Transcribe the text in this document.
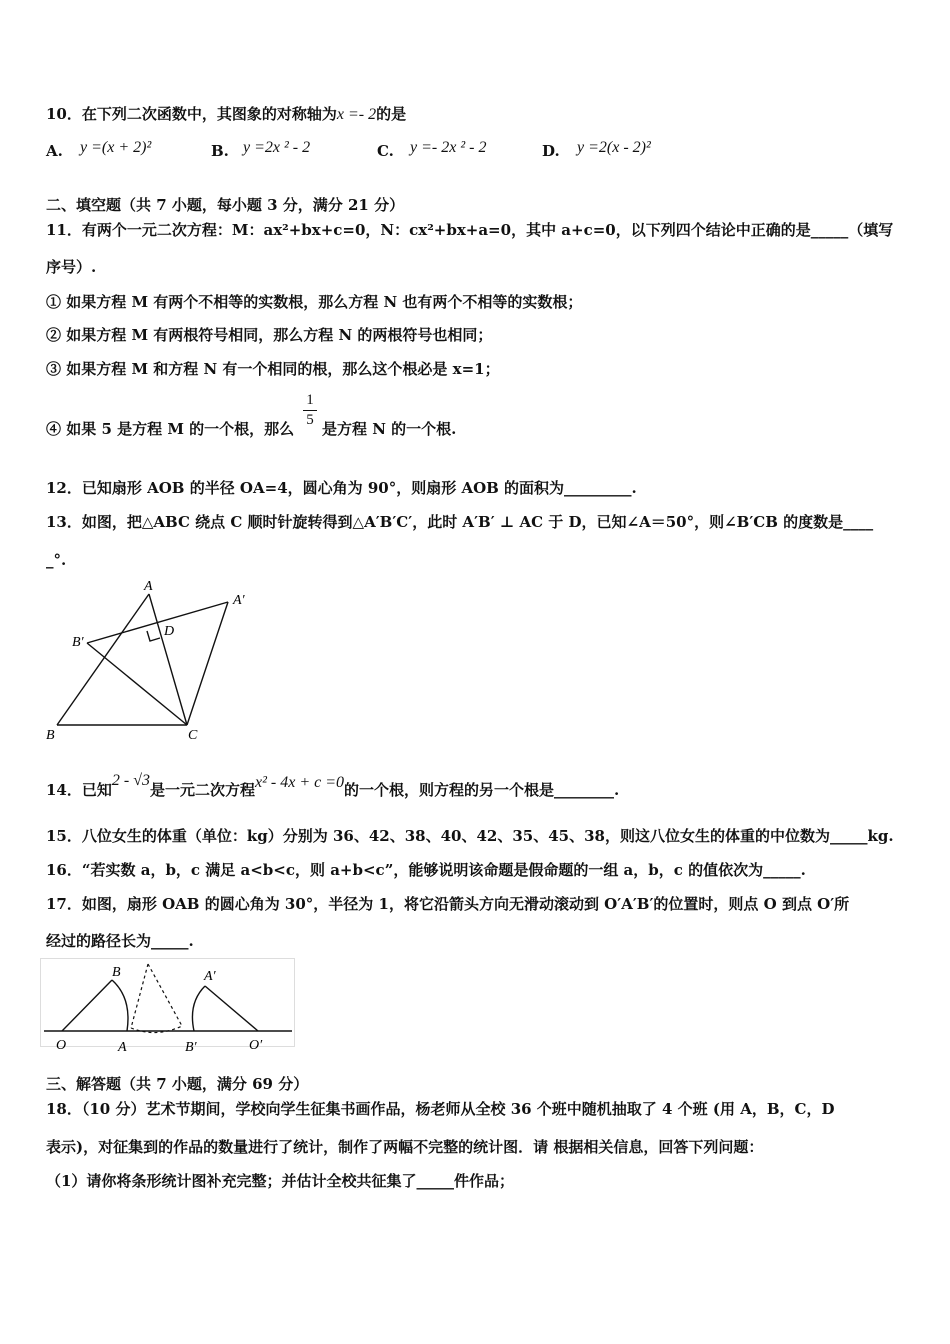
10．在下列二次函数中，其图象的对称轴为x =- 2的是
A. y =(x + 2)²	B. y =2x ² - 2	C. y =- 2x ² - 2	D. y =2(x - 2)²
二、填空题（共 7 小题，每小题 3 分，满分 21 分）
11．有两个一元二次方程：M：ax²+bx+c=0，N：cx²+bx+a=0，其中 a+c=0，以下列四个结论中正确的是_____（填写
序号）.
① 如果方程 M 有两个不相等的实数根，那么方程 N 也有两个不相等的实数根；
② 如果方程 M 有两根符号相同，那么方程 N 的两根符号也相同；
③ 如果方程 M 和方程 N 有一个相同的根，那么这个根必是 x=1；
④ 如果 5 是方程 M 的一个根，那么
1
5 是方程 N 的一个根.
12．已知扇形 AOB 的半径 OA=4，圆心角为 90°，则扇形 AOB 的面积为_________.
13．如图，把△ABC 绕点 C 顺时针旋转得到△A′B′C′，此时 A′B′ ⊥ AC 于 D，已知∠A＝50°，则∠B′CB 的度数是____
_°.
A
A′
B′
D
B	C
14．已知2 - √3是一元二次方程x² - 4x + c =0的一个根，则方程的另一个根是________.
15．八位女生的体重（单位：kg）分别为 36、42、38、40、42、35、45、38，则这八位女生的体重的中位数为_____kg.
16．“若实数 a，b，c 满足 a<b<c，则 a+b<c”，能够说明该命题是假命题的一组 a，b，c 的值依次为_____.
17．如图，扇形 OAB 的圆心角为 30°，半径为 1，将它沿箭头方向无滑动滚动到 O′A′B′的位置时，则点 O 到点 O′所
经过的路径长为_____.
B	A′
O	A	B′	O′
三、解答题（共 7 小题，满分 69 分）
18．（10 分）艺术节期间，学校向学生征集书画作品，杨老师从全校 36 个班中随机抽取了 4 个班 (用 A，B，C，D
表示)，对征集到的作品的数量进行了统计，制作了两幅不完整的统计图．请 根据相关信息，回答下列问题：
（1）请你将条形统计图补充完整；并估计全校共征集了_____件作品；
